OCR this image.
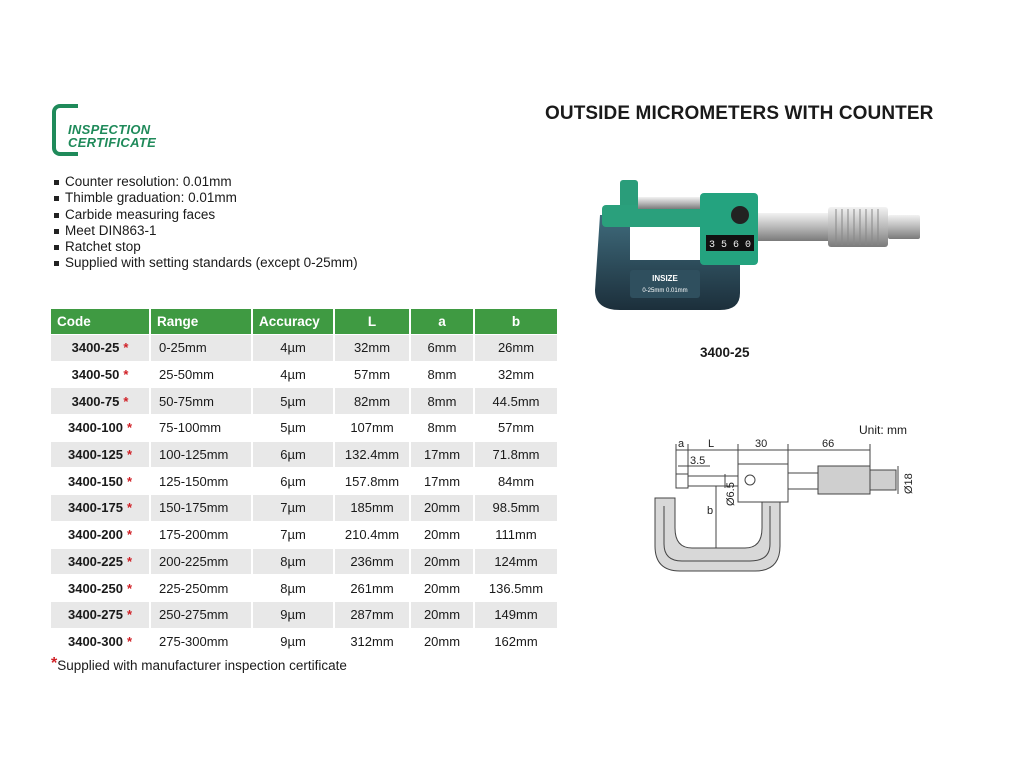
INSPECTION
CERTIFICATE
OUTSIDE MICROMETERS WITH COUNTER
Counter resolution: 0.01mm
Thimble graduation: 0.01mm
Carbide measuring faces
Meet DIN863-1
Ratchet stop
Supplied with setting standards (except 0-25mm)
Code	Range	Accuracy	L	a	b
3400-25 *	0-25mm	4µm	32mm	6mm	26mm
3400-50 *	25-50mm	4µm	57mm	8mm	32mm
3400-75 *	50-75mm	5µm	82mm	8mm	44.5mm
3400-100 *	75-100mm	5µm	107mm	8mm	57mm
3400-125 *	100-125mm	6µm	132.4mm	17mm	71.8mm
3400-150 *	125-150mm	6µm	157.8mm	17mm	84mm
3400-175 *	150-175mm	7µm	185mm	20mm	98.5mm
3400-200 *	175-200mm	7µm	210.4mm	20mm	111mm
3400-225 *	200-225mm	8µm	236mm	20mm	124mm
3400-250 *	225-250mm	8µm	261mm	20mm	136.5mm
3400-275 *	250-275mm	9µm	287mm	20mm	149mm
3400-300 *	275-300mm	9µm	312mm	20mm	162mm
*Supplied with manufacturer inspection certificate
3 5 6 0
INSIZE
0-25mm 0.01mm
3400-25
Unit: mm
a L	30	66
3.5
b
Ø6.5	Ø18
